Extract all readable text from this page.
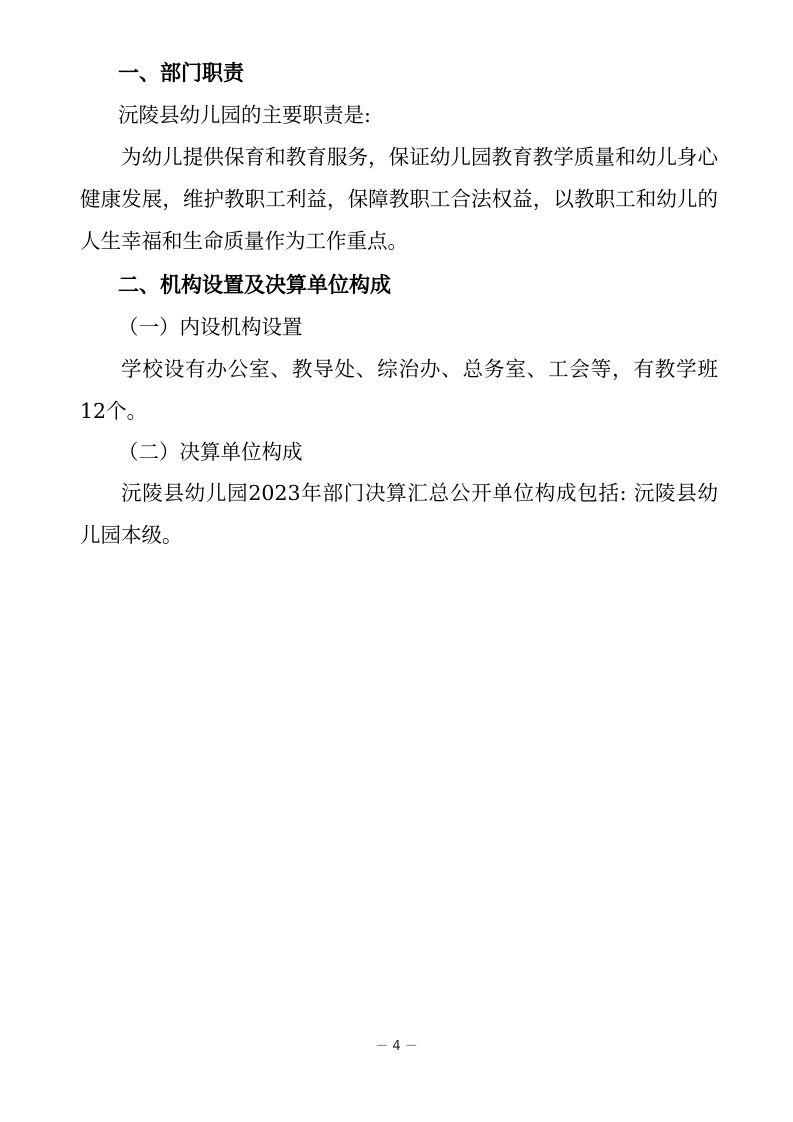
一、部门职责
沅陵县幼儿园的主要职责是:

为幼儿提供保育和教育服务，保证幼儿园教育教学质量和幼儿身心健康发展，维护教职工利益，保障教职工合法权益，以教职工和幼儿的人生幸福和生命质量作为工作重点。

二、机构设置及决算单位构成
（一）内设机构设置

学校设有办公室、教导处、综治办、总务室、工会等，有教学班12个。

（二）决算单位构成

沅陵县幼儿园2023年部门决算汇总公开单位构成包括: 沅陵县幼儿园本级。

－ 4 －
